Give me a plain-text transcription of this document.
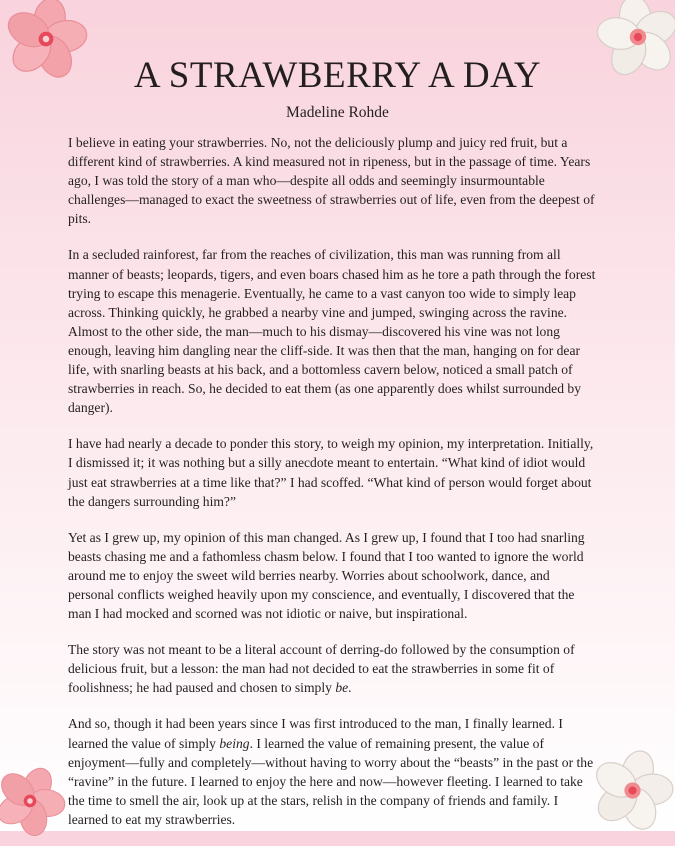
A STRAWBERRY A DAY
Madeline Rohde

I believe in eating your strawberries. No, not the deliciously plump and juicy red fruit, but a different kind of strawberries. A kind measured not in ripeness, but in the passage of time. Years ago, I was told the story of a man who—despite all odds and seemingly insurmountable challenges—managed to exact the sweetness of strawberries out of life, even from the deepest of pits.

In a secluded rainforest, far from the reaches of civilization, this man was running from all manner of beasts; leopards, tigers, and even boars chased him as he tore a path through the forest trying to escape this menagerie. Eventually, he came to a vast canyon too wide to simply leap across. Thinking quickly, he grabbed a nearby vine and jumped, swinging across the ravine. Almost to the other side, the man—much to his dismay—discovered his vine was not long enough, leaving him dangling near the cliff-side. It was then that the man, hanging on for dear life, with snarling beasts at his back, and a bottomless cavern below, noticed a small patch of strawberries in reach. So, he decided to eat them (as one apparently does whilst surrounded by danger).

I have had nearly a decade to ponder this story, to weigh my opinion, my interpretation. Initially, I dismissed it; it was nothing but a silly anecdote meant to entertain. “What kind of idiot would just eat strawberries at a time like that?” I had scoffed. “What kind of person would forget about the dangers surrounding him?”

Yet as I grew up, my opinion of this man changed. As I grew up, I found that I too had snarling beasts chasing me and a fathomless chasm below. I found that I too wanted to ignore the world around me to enjoy the sweet wild berries nearby. Worries about schoolwork, dance, and personal conflicts weighed heavily upon my conscience, and eventually, I discovered that the man I had mocked and scorned was not idiotic or naive, but inspirational.

The story was not meant to be a literal account of derring-do followed by the consumption of delicious fruit, but a lesson: the man had not decided to eat the strawberries in some fit of foolishness; he had paused and chosen to simply be.

And so, though it had been years since I was first introduced to the man, I finally learned. I learned the value of simply being. I learned the value of remaining present, the value of enjoyment—fully and completely—without having to worry about the “beasts” in the past or the “ravine” in the future. I learned to enjoy the here and now—however fleeting. I learned to take the time to smell the air, look up at the stars, relish in the company of friends and family. I learned to eat my strawberries.
